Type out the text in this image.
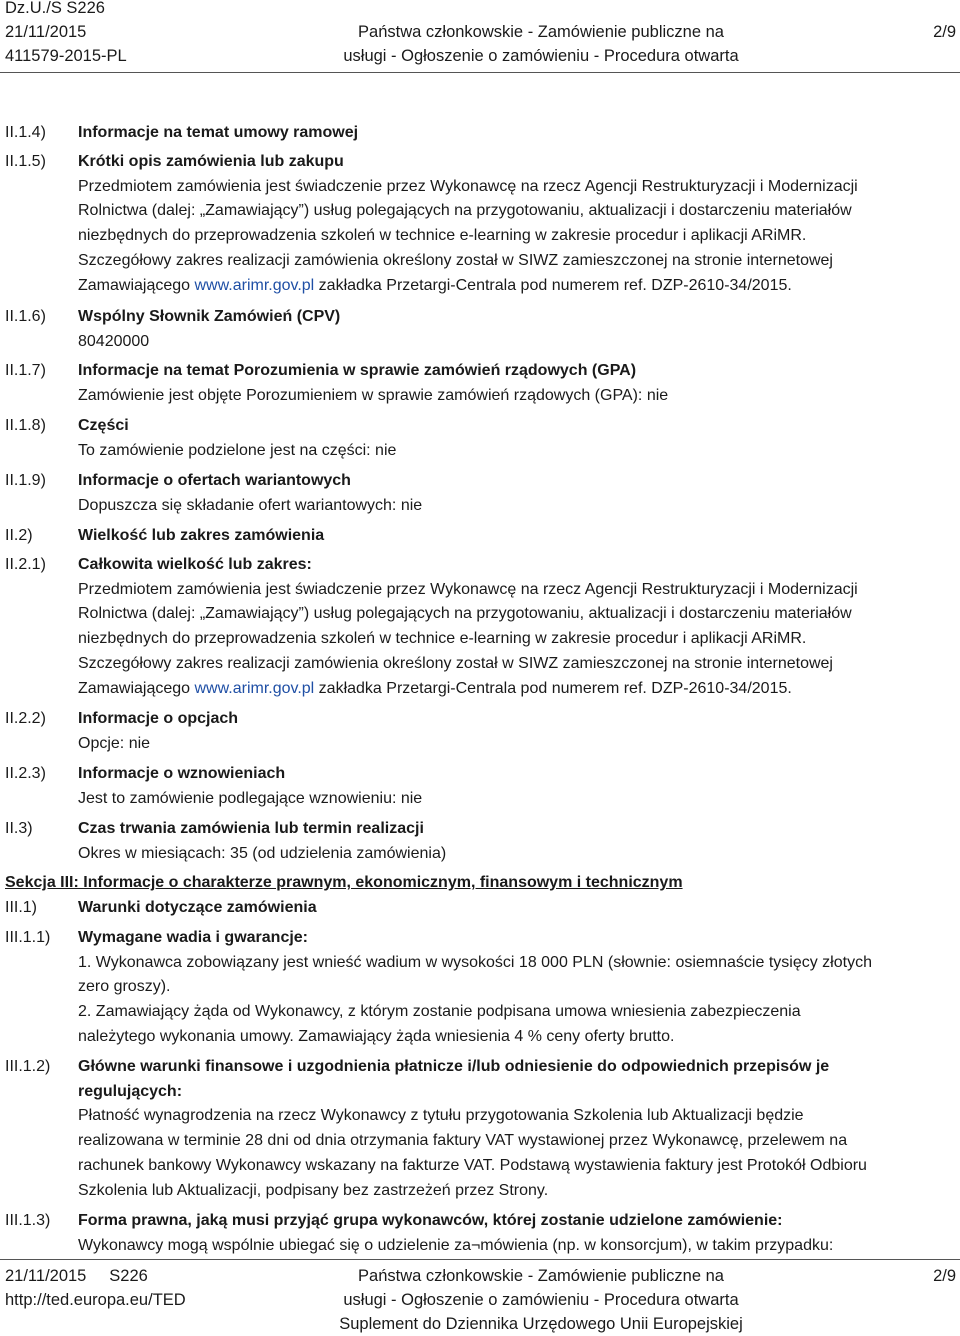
Dz.U./S S226
21/11/2015
411579-2015-PL
Państwa członkowskie - Zamówienie publiczne na
usługi - Ogłoszenie o zamówieniu - Procedura otwarta
2/9
II.1.4) Informacje na temat umowy ramowej
II.1.5) Krótki opis zamówienia lub zakupu
Przedmiotem zamówienia jest świadczenie przez Wykonawcę na rzecz Agencji Restrukturyzacji i Modernizacji
Rolnictwa (dalej: „Zamawiający”) usług polegających na przygotowaniu, aktualizacji i dostarczeniu materiałów
niezbędnych do przeprowadzenia szkoleń w technice e-learning w zakresie procedur i aplikacji ARiMR.
Szczegółowy zakres realizacji zamówienia określony został w SIWZ zamieszczonej na stronie internetowej
Zamawiającego www.arimr.gov.pl zakładka Przetargi-Centrala pod numerem ref. DZP-2610-34/2015.
II.1.6) Wspólny Słownik Zamówień (CPV)
80420000
II.1.7) Informacje na temat Porozumienia w sprawie zamówień rządowych (GPA)
Zamówienie jest objęte Porozumieniem w sprawie zamówień rządowych (GPA): nie
II.1.8) Części
To zamówienie podzielone jest na części: nie
II.1.9) Informacje o ofertach wariantowych
Dopuszcza się składanie ofert wariantowych: nie
II.2)	Wielkość lub zakres zamówienia
II.2.1) Całkowita wielkość lub zakres:
Przedmiotem zamówienia jest świadczenie przez Wykonawcę na rzecz Agencji Restrukturyzacji i Modernizacji
Rolnictwa (dalej: „Zamawiający”) usług polegających na przygotowaniu, aktualizacji i dostarczeniu materiałów
niezbędnych do przeprowadzenia szkoleń w technice e-learning w zakresie procedur i aplikacji ARiMR.
Szczegółowy zakres realizacji zamówienia określony został w SIWZ zamieszczonej na stronie internetowej
Zamawiającego www.arimr.gov.pl zakładka Przetargi-Centrala pod numerem ref. DZP-2610-34/2015.
II.2.2) Informacje o opcjach
Opcje: nie
II.2.3) Informacje o wznowieniach
Jest to zamówienie podlegające wznowieniu: nie
II.3)	Czas trwania zamówienia lub termin realizacji
Okres w miesiącach: 35 (od udzielenia zamówienia)
Sekcja III: Informacje o charakterze prawnym, ekonomicznym, finansowym i technicznym
III.1)	Warunki dotyczące zamówienia
III.1.1) Wymagane wadia i gwarancje:
1. Wykonawca zobowiązany jest wnieść wadium w wysokości 18 000 PLN (słownie: osiemnaście tysięcy złotych
zero groszy).
2. Zamawiający żąda od Wykonawcy, z którym zostanie podpisana umowa wniesienia zabezpieczenia
należytego wykonania umowy. Zamawiający żąda wniesienia 4 % ceny oferty brutto.
III.1.2) Główne warunki finansowe i uzgodnienia płatnicze i/lub odniesienie do odpowiednich przepisów je
regulujących:
Płatność wynagrodzenia na rzecz Wykonawcy z tytułu przygotowania Szkolenia lub Aktualizacji będzie
realizowana w terminie 28 dni od dnia otrzymania faktury VAT wystawionej przez Wykonawcę, przelewem na
rachunek bankowy Wykonawcy wskazany na fakturze VAT. Podstawą wystawienia faktury jest Protokół Odbioru
Szkolenia lub Aktualizacji, podpisany bez zastrzeżeń przez Strony.
III.1.3) Forma prawna, jaką musi przyjąć grupa wykonawców, której zostanie udzielone zamówienie:
Wykonawcy mogą wspólnie ubiegać się o udzielenie za¬mówienia (np. w konsorcjum), w takim przypadku:
21/11/2015     S226
http://ted.europa.eu/TED
Państwa członkowskie - Zamówienie publiczne na
usługi - Ogłoszenie o zamówieniu - Procedura otwarta
Suplement do Dziennika Urzędowego Unii Europejskiej
2/9
